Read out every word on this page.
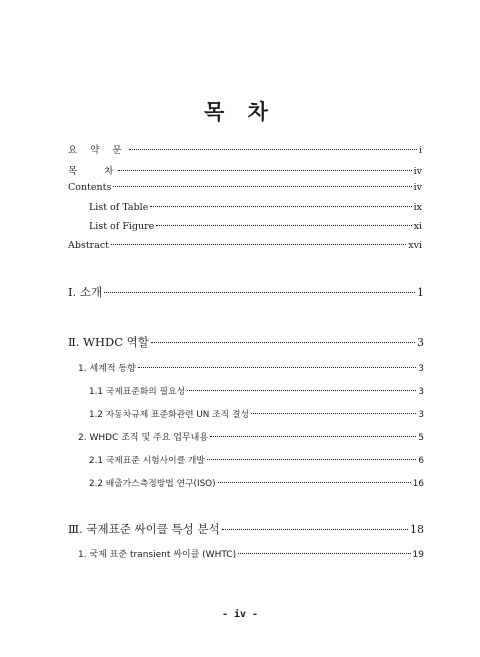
목 차
요 약 문	i
목    차	iv
Contents	iv
List of Table	ix
List of Figure	xi
Abstract	xvi
Ⅰ. 소개	1
Ⅱ. WHDC 역할	3
1. 세계적 동향	3
1.1 국제표준화의 필요성	3
1.2 자동차규제 표준화관련 UN 조직 결성	3
2. WHDC 조직 및 주요 업무내용	5
2.1 국제표준 시험사이클 개발	6
2.2 배출가스측정방법 연구(ISO)	16
Ⅲ. 국제표준 싸이클 특성 분석	18
1. 국제 표준 transient 싸이클 (WHTC)	19
- iv -
